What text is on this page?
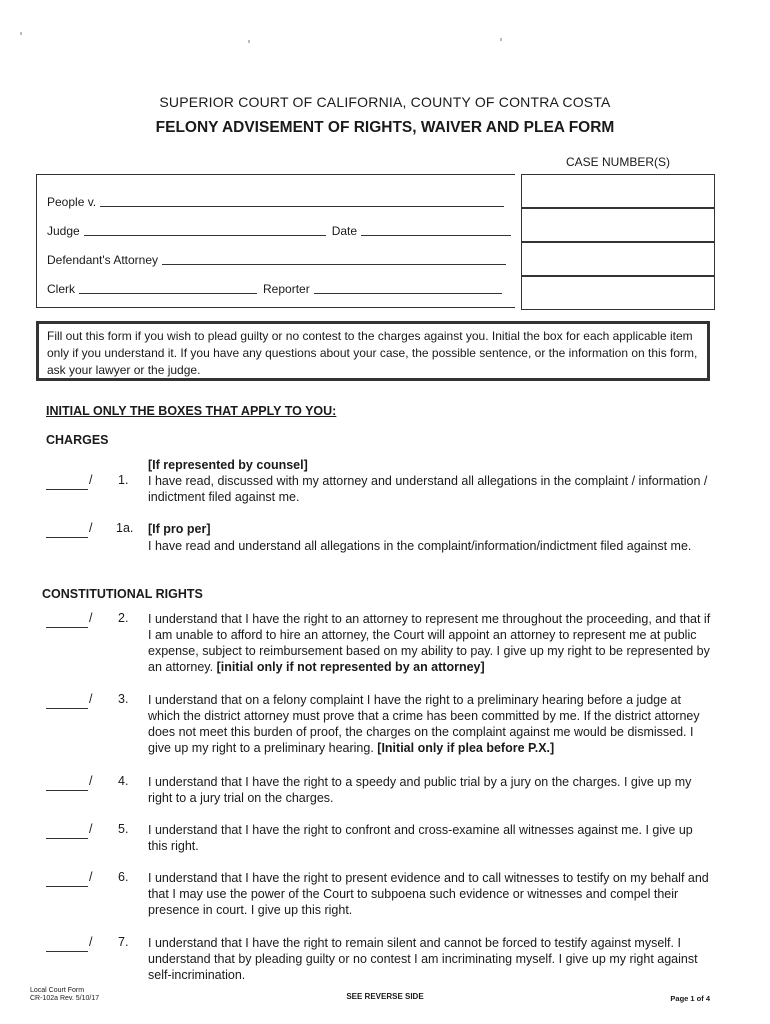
SUPERIOR COURT OF CALIFORNIA, COUNTY OF CONTRA COSTA
FELONY ADVISEMENT OF RIGHTS, WAIVER AND PLEA FORM
CASE NUMBER(S)
People v.
Judge	Date
Defendant's Attorney
Clerk	Reporter
Fill out this form if you wish to plead guilty or no contest to the charges against you. Initial the box for each applicable item only if you understand it. If you have any questions about your case, the possible sentence, or the information on this form, ask your lawyer or the judge.
INITIAL ONLY THE BOXES THAT APPLY TO YOU:
CHARGES
CONSTITUTIONAL RIGHTS
[If represented by counsel]
/ 1. I have read, discussed with my attorney and understand all allegations in the complaint / information / indictment filed against me.
/ 1a. [If pro per]
I have read and understand all allegations in the complaint/information/indictment filed against me.
/ 2. I understand that I have the right to an attorney to represent me throughout the proceeding, and that if I am unable to afford to hire an attorney, the Court will appoint an attorney to represent me at public expense, subject to reimbursement based on my ability to pay. I give up my right to be represented by an attorney. [initial only if not represented by an attorney]
/ 3. I understand that on a felony complaint I have the right to a preliminary hearing before a judge at which the district attorney must prove that a crime has been committed by me. If the district attorney does not meet this burden of proof, the charges on the complaint against me would be dismissed. I give up my right to a preliminary hearing. [Initial only if plea before P.X.]
/ 4. I understand that I have the right to a speedy and public trial by a jury on the charges. I give up my right to a jury trial on the charges.
/ 5. I understand that I have the right to confront and cross-examine all witnesses against me. I give up this right.
/ 6. I understand that I have the right to present evidence and to call witnesses to testify on my behalf and that I may use the power of the Court to subpoena such evidence or witnesses and compel their presence in court. I give up this right.
/ 7. I understand that I have the right to remain silent and cannot be forced to testify against myself. I understand that by pleading guilty or no contest I am incriminating myself. I give up my right against self-incrimination.
Local Court Form
CR-102a Rev. 5/10/17	SEE REVERSE SIDE	Page 1 of 4
